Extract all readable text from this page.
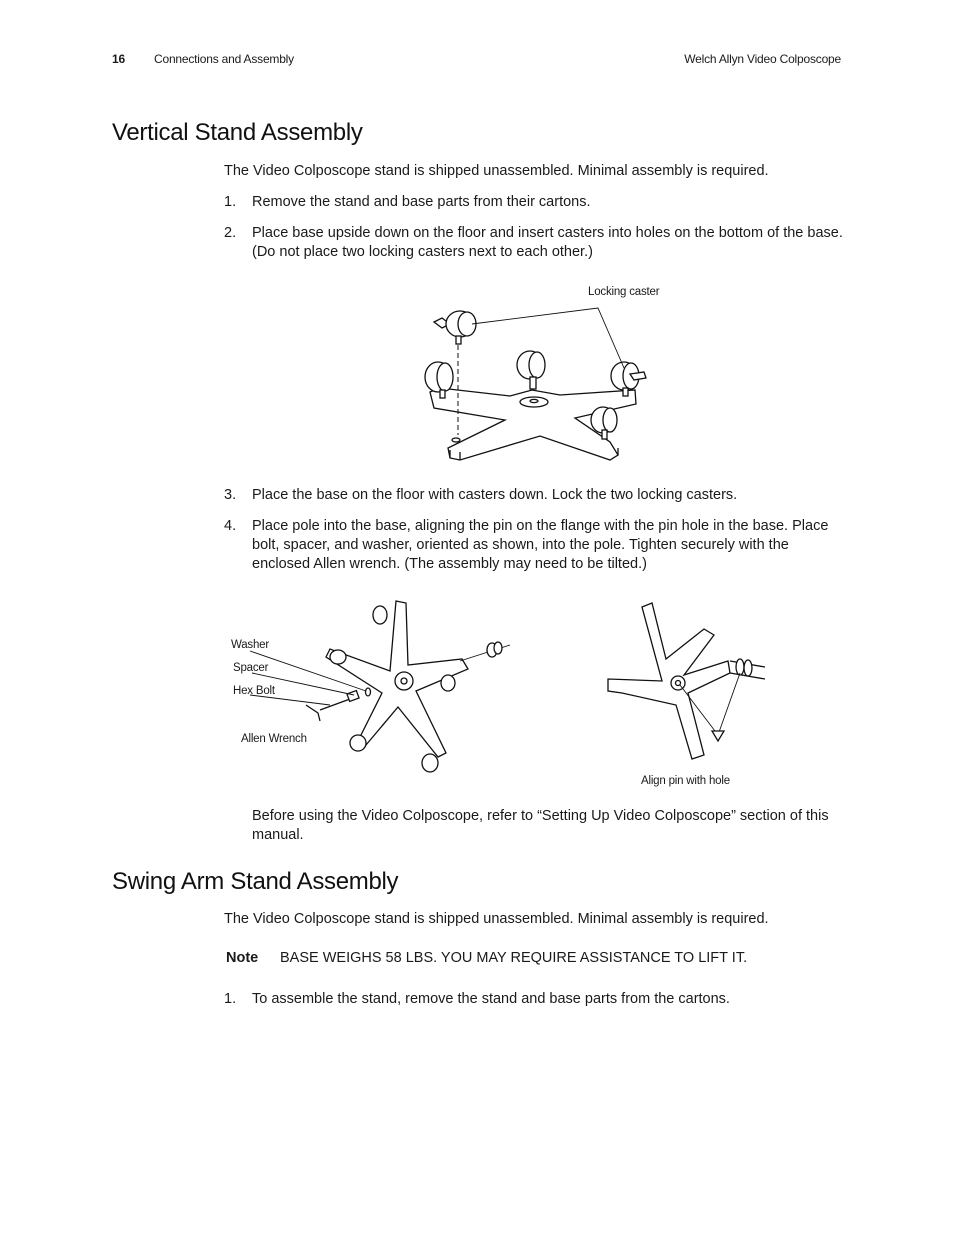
16 Connections and Assembly	Welch Allyn Video Colposcope
Vertical Stand Assembly
The Video Colposcope stand is shipped unassembled. Minimal assembly is required.
1. Remove the stand and base parts from their cartons.
2. Place base upside down on the floor and insert casters into holes on the bottom of the base. (Do not place two locking casters next to each other.)
Locking caster
3. Place the base on the floor with casters down. Lock the two locking casters.
4. Place pole into the base, aligning the pin on the flange with the pin hole in the base. Place bolt, spacer, and washer, oriented as shown, into the pole. Tighten securely with the enclosed Allen wrench. (The assembly may need to be tilted.)
Washer
Spacer
Hex Bolt
Allen Wrench
Align pin with hole
Before using the Video Colposcope, refer to “Setting Up Video Colposcope” section of this manual.
Swing Arm Stand Assembly
The Video Colposcope stand is shipped unassembled. Minimal assembly is required.
Note BASE WEIGHS 58 LBS. YOU MAY REQUIRE ASSISTANCE TO LIFT IT.
1. To assemble the stand, remove the stand and base parts from the cartons.
